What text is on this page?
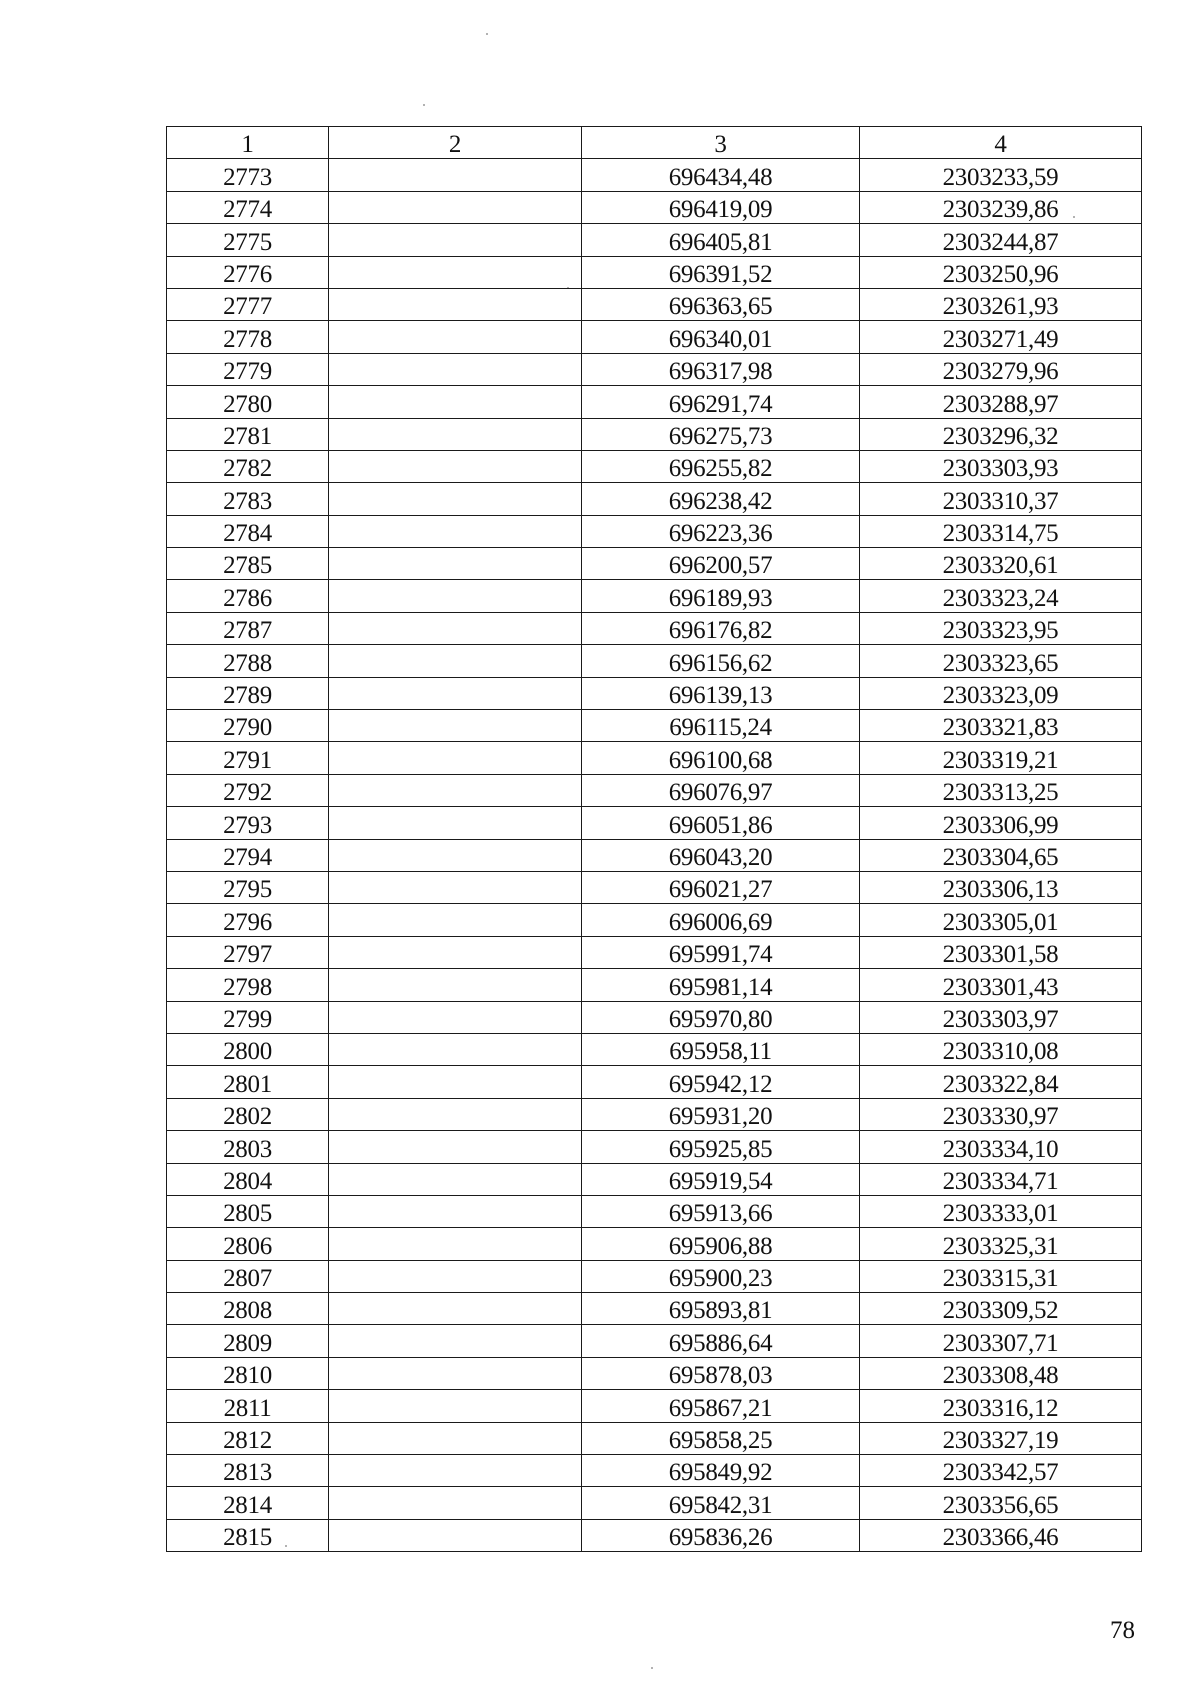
1	2	3	4
2773		696434,48	2303233,59
2774		696419,09	2303239,86
2775		696405,81	2303244,87
2776		696391,52	2303250,96
2777		696363,65	2303261,93
2778		696340,01	2303271,49
2779		696317,98	2303279,96
2780		696291,74	2303288,97
2781		696275,73	2303296,32
2782		696255,82	2303303,93
2783		696238,42	2303310,37
2784		696223,36	2303314,75
2785		696200,57	2303320,61
2786		696189,93	2303323,24
2787		696176,82	2303323,95
2788		696156,62	2303323,65
2789		696139,13	2303323,09
2790		696115,24	2303321,83
2791		696100,68	2303319,21
2792		696076,97	2303313,25
2793		696051,86	2303306,99
2794		696043,20	2303304,65
2795		696021,27	2303306,13
2796		696006,69	2303305,01
2797		695991,74	2303301,58
2798		695981,14	2303301,43
2799		695970,80	2303303,97
2800		695958,11	2303310,08
2801		695942,12	2303322,84
2802		695931,20	2303330,97
2803		695925,85	2303334,10
2804		695919,54	2303334,71
2805		695913,66	2303333,01
2806		695906,88	2303325,31
2807		695900,23	2303315,31
2808		695893,81	2303309,52
2809		695886,64	2303307,71
2810		695878,03	2303308,48
2811		695867,21	2303316,12
2812		695858,25	2303327,19
2813		695849,92	2303342,57
2814		695842,31	2303356,65
2815		695836,26	2303366,46
78
